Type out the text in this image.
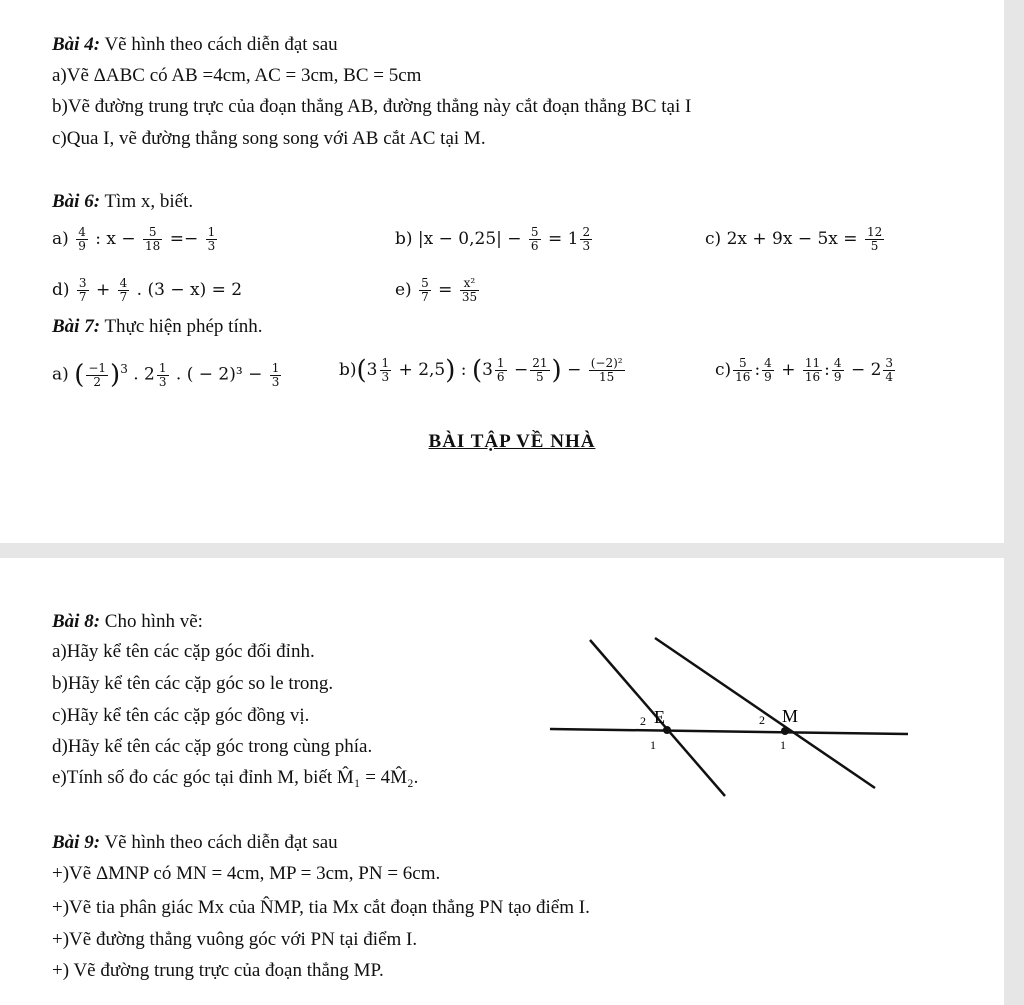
Bài 4: Vẽ hình theo cách diễn đạt sau
a)Vẽ ΔABC có AB =4cm, AC = 3cm, BC = 5cm
b)Vẽ đường trung trực của đoạn thẳng AB, đường thẳng này cắt đoạn thẳng BC tại I
c)Qua I, vẽ đường thẳng song song với AB cắt AC tại M.
Bài 6: Tìm x, biết.
$a) \frac{4}{9}$ : $x - \frac{5}{18} =- \frac{1}{3}$	b) $|x - 0,25| - \frac{5}{6} = 1 \frac{2}{3}$	c) $2x + 9x - 5x = \frac{12}{5}$
$d) \frac{3}{7} + \frac{4}{7}$ . (3 − x) = 2	$e) \frac{5}{7} = \frac{\text{x²}}{35}$
Bài 7: Thực hiện phép tính.
a) ( $\frac{-1}{2} )^3$ . $2 \frac{1}{3}$ . ( − $2)^3 - \frac{1}{3}$	$b)(3 \frac{1}{3} + 2,5)$ : ($3 \frac{1}{6} - \frac{21}{5}$ ) − $\frac{\text{(−2)²}}{15}$	$c) \frac{5}{16}$ : $\frac{4}{9} + \frac{11}{16}$ : $\frac{4}{9} - 2 \frac{3}{4}$
BÀI TẬP VỀ NHÀ
Bài 8: Cho hình vẽ:
a)Hãy kể tên các cặp góc đối đỉnh.
b)Hãy kể tên các cặp góc so le trong.
c)Hãy kể tên các cặp góc đồng vị.
d)Hãy kể tên các cặp góc trong cùng phía.
e)Tính số đo các góc tại đỉnh M, biết M̂₁ = 4M̂₂.
E	M
2
1
2
1
Bài 9: Vẽ hình theo cách diễn đạt sau
+)Vẽ ΔMNP có MN = 4cm, MP = 3cm, PN = 6cm.
+)Vẽ tia phân giác Mx của N̂MP, tia Mx cắt đoạn thẳng PN tạo điểm I.
+)Vẽ đường thẳng vuông góc với PN tại điểm I.
+) Vẽ đường trung trực của đoạn thẳng MP.
